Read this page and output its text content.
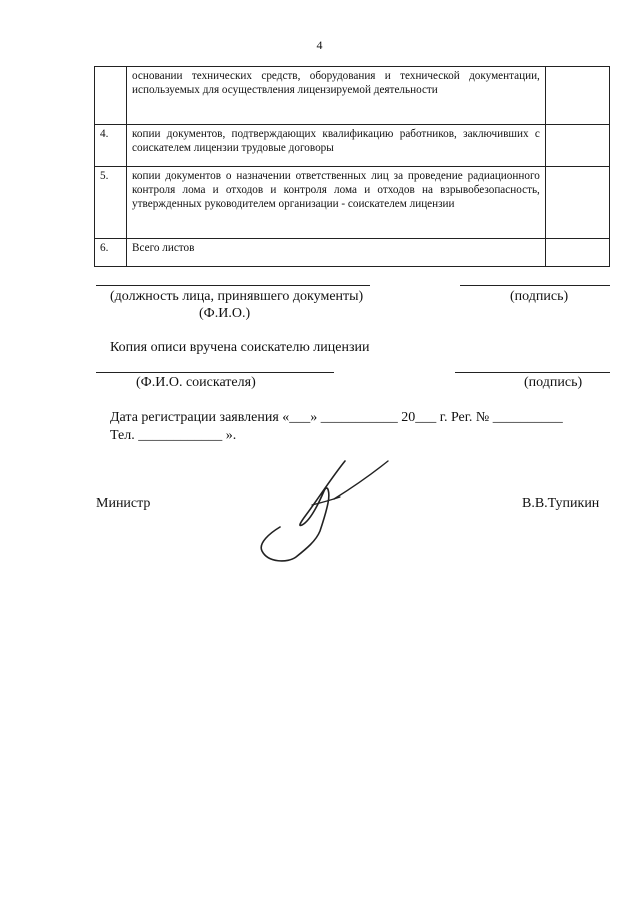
4
	основании технических средств, оборудования и технической документации, используемых для осуществления лицензируемой деятельности	
4.	копии документов, подтверждающих квалификацию работников, заключивших с соискателем лицензии трудовые договоры	
5.	копии документов о назначении ответственных лиц за проведение радиационного контроля лома и отходов и контроля лома и отходов на взрывобезопасность, утвержденных руководителем организации - соискателем лицензии	
6.	Всего листов	
(должность лица, принявшего документы)	(подпись)
(Ф.И.О.)
Копия описи вручена соискателю лицензии
(Ф.И.О. соискателя)	(подпись)
Дата регистрации заявления «___» ___________ 20___ г. Рег. № __________
Тел. ____________ ».
Министр	В.В.Тупикин
